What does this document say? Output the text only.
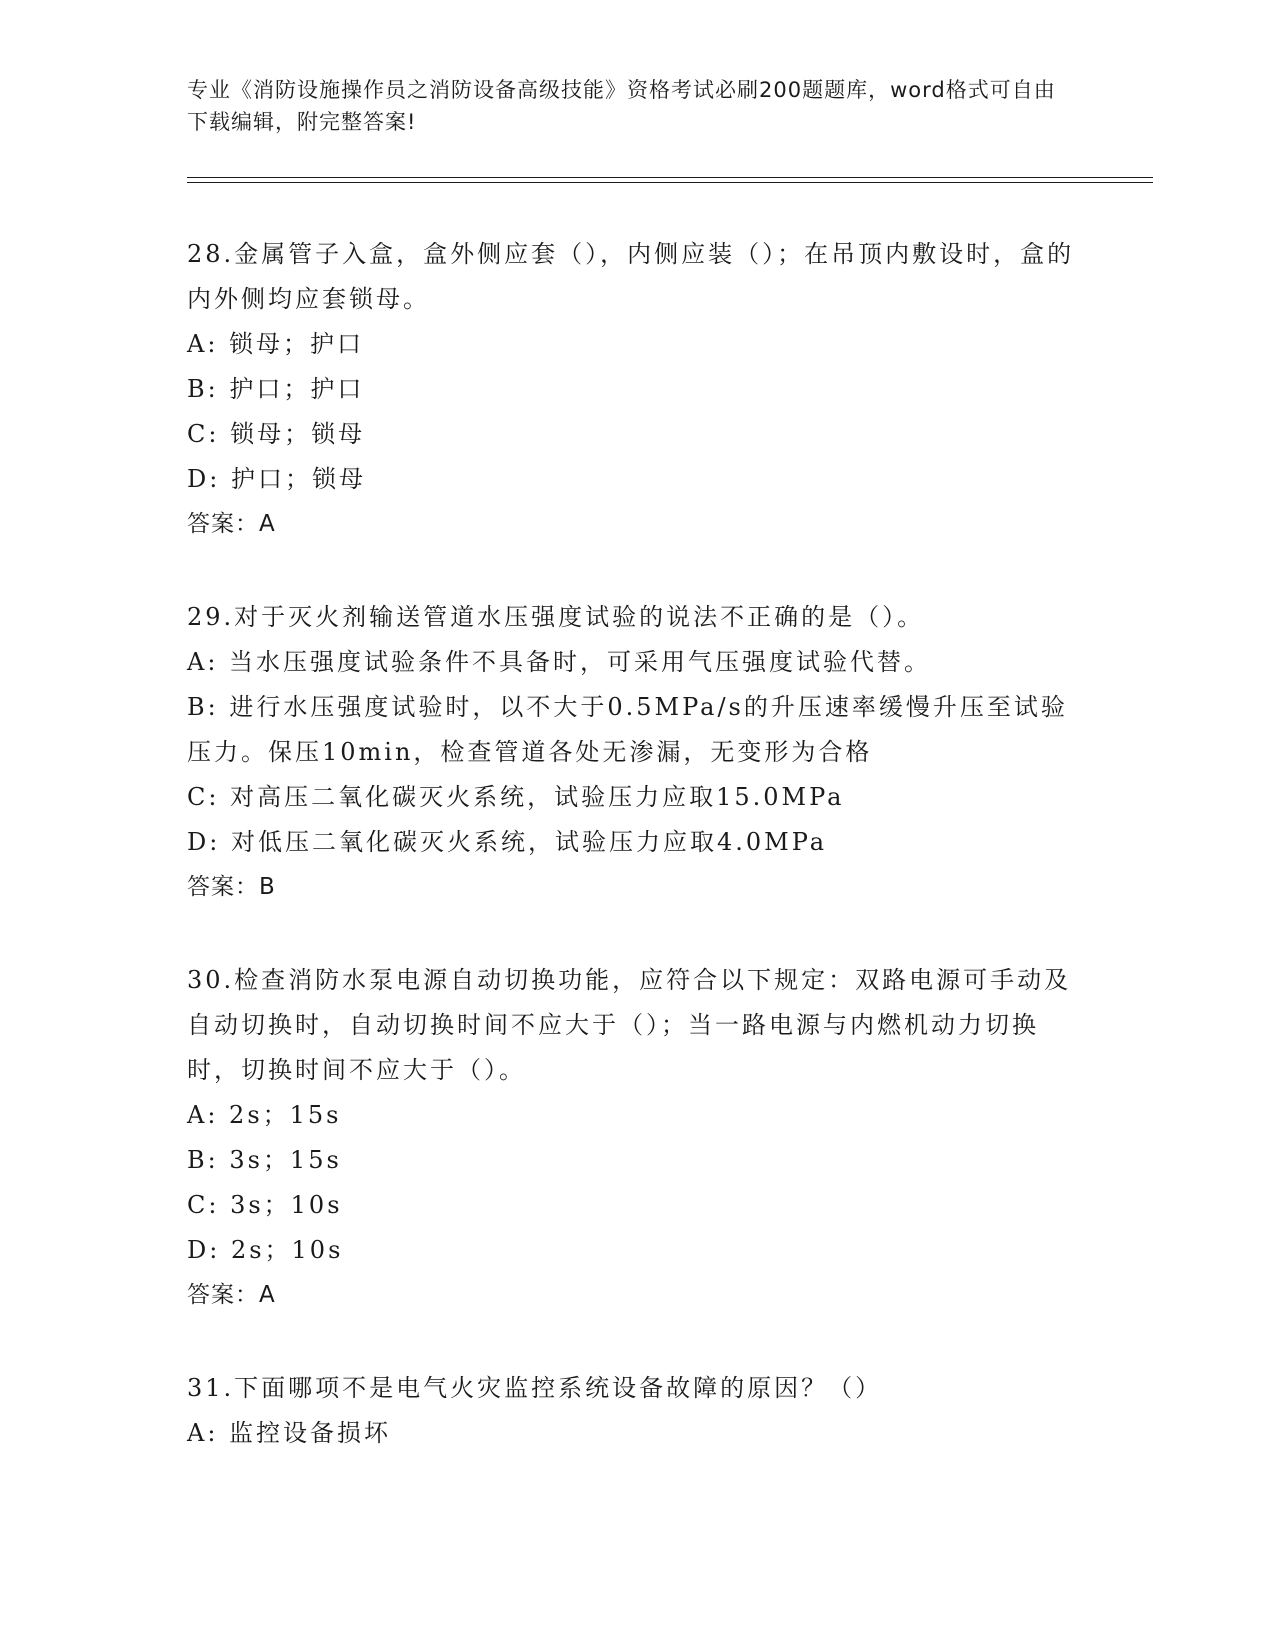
专业《消防设施操作员之消防设备高级技能》资格考试必刷200题题库，word格式可自由下载编辑，附完整答案!

28.金属管子入盒，盒外侧应套（），内侧应装（）；在吊顶内敷设时，盒的内外侧均应套锁母。

A: 锁母；护口

B: 护口；护口

C: 锁母；锁母

D: 护口；锁母

答案：A

29.对于灭火剂输送管道水压强度试验的说法不正确的是（）。

A: 当水压强度试验条件不具备时，可采用气压强度试验代替。

B: 进行水压强度试验时，以不大于0.5MPa/s的升压速率缓慢升压至试验压力。保压10min，检查管道各处无渗漏，无变形为合格

C: 对高压二氧化碳灭火系统，试验压力应取15.0MPa

D: 对低压二氧化碳灭火系统，试验压力应取4.0MPa

答案：B

30.检查消防水泵电源自动切换功能，应符合以下规定：双路电源可手动及自动切换时，自动切换时间不应大于（）；当一路电源与内燃机动力切换时，切换时间不应大于（）。

A: 2s；15s

B: 3s；15s

C: 3s；10s

D: 2s；10s

答案：A

31.下面哪项不是电气火灾监控系统设备故障的原因？（）

A: 监控设备损坏
